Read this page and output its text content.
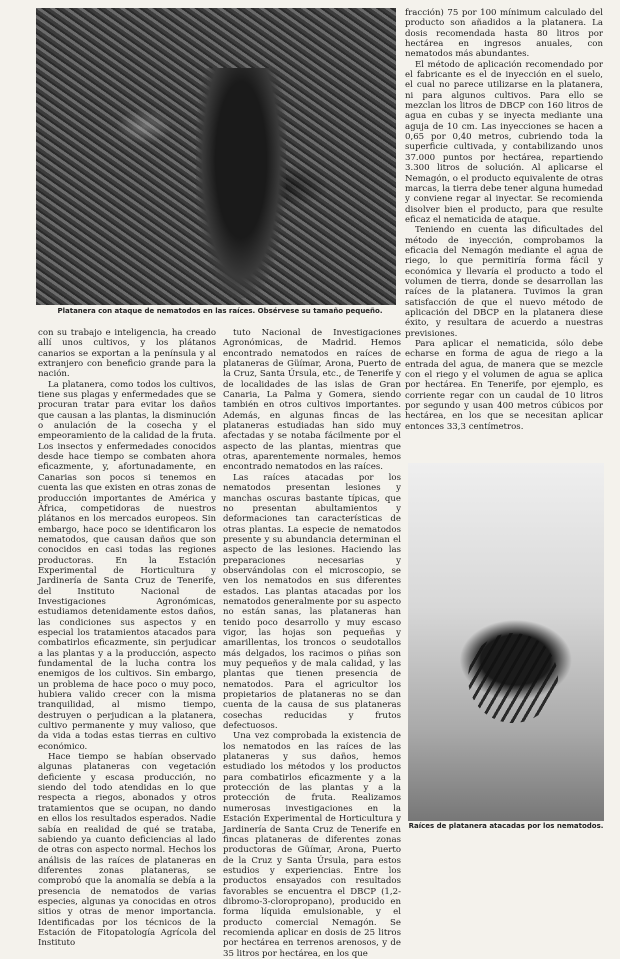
Platanera con ataque de nematodos en las raíces. Obsérvese su tamaño pequeño.

fracción) 75 por 100 mínimum calculado del producto son añadidos a la platanera. La dosis recomendada hasta 80 litros por hectárea en ingresos anuales, con nematodos más abundantes.

El método de aplicación recomendado por el fabricante es el de inyección en el suelo, el cual no parece utilizarse en la platanera, ni para algunos cultivos. Para ello se mezclan los litros de DBCP con 160 litros de agua en cubas y se inyecta mediante una aguja de 10 cm. Las inyecciones se hacen a 0,65 por 0,40 metros, cubriendo toda la superficie cultivada, y contabilizando unos 37.000 puntos por hectárea, repartiendo 3.300 litros de solución. Al aplicarse el Nemagón, o el producto equivalente de otras marcas, la tierra debe tener alguna humedad y conviene regar al inyectar. Se recomienda disolver bien el producto, para que resulte eficaz el nematicida de ataque.

Teniendo en cuenta las dificultades del método de inyección, comprobamos la eficacia del Nemagón mediante el agua de riego, lo que permitiría forma fácil y económica y llevaría el producto a todo el volumen de tierra, donde se desarrollan las raíces de la platanera. Tuvimos la gran satisfacción de que el nuevo método de aplicación del DBCP en la platanera diese éxito, y resultara de acuerdo a nuestras previsiones.

Para aplicar el nematicida, sólo debe echarse en forma de agua de riego a la entrada del agua, de manera que se mezcle con el riego y el volumen de agua se aplica por hectárea. En Tenerife, por ejemplo, es corriente regar con un caudal de 10 litros por segundo y usan 400 metros cúbicos por hectárea, en los que se necesitan aplicar entonces 33,3 centímetros.

Raíces de platanera atacadas por los nematodos.

con su trabajo e inteligencia, ha creado allí unos cultivos, y los plátanos canarios se exportan a la península y al extranjero con beneficio grande para la nación.

La platanera, como todos los cultivos, tiene sus plagas y enfermedades que se procuran tratar para evitar los daños que causan a las plantas, la disminución o anulación de la cosecha y el empeoramiento de la calidad de la fruta. Los insectos y enfermedades conocidos desde hace tiempo se combaten ahora eficazmente, y, afortunadamente, en Canarias son pocos si tenemos en cuenta las que existen en otras zonas de producción importantes de América y África, competidoras de nuestros plátanos en los mercados europeos. Sin embargo, hace poco se identificaron los nematodos, que causan daños que son conocidos en casi todas las regiones productoras. En la Estación Experimental de Horticultura y Jardinería de Santa Cruz de Tenerife, del Instituto Nacional de Investigaciones Agronómicas, estudiamos detenidamente estos daños, las condiciones sus aspectos y en especial los tratamientos atacados para combatirlos eficazmente, sin perjudicar a las plantas y a la producción, aspecto fundamental de la lucha contra los enemigos de los cultivos. Sin embargo, un problema de hace poco o muy poco, hubiera valido crecer con la misma tranquilidad, al mismo tiempo, destruyen o perjudican a la platanera, cultivo permanente y muy valioso, que da vida a todas estas tierras en cultivo económico.

Hace tiempo se habían observado algunas plataneras con vegetación deficiente y escasa producción, no siendo del todo atendidas en lo que respecta a riegos, abonados y otros tratamientos que se ocupan, no dando en ellos los resultados esperados. Nadie sabía en realidad de qué se trataba, sabiendo ya cuanto deficiencias al lado de otras con aspecto normal. Hechos los análisis de las raíces de plataneras en diferentes zonas plataneras, se comprobó que la anomalía se debía a la presencia de nematodos de varias especies, algunas ya conocidas en otros sitios y otras de menor importancia. Identificadas por los técnicos de la Estación de Fitopatología Agrícola del Instituto

tuto Nacional de Investigaciones Agronómicas, de Madrid. Hemos encontrado nematodos en raíces de plataneras de Güímar, Arona, Puerto de la Cruz, Santa Úrsula, etc., de Tenerife y de localidades de las islas de Gran Canaria, La Palma y Gomera, siendo también en otros cultivos importantes. Además, en algunas fincas de las plataneras estudiadas han sido muy afectadas y se notaba fácilmente por el aspecto de las plantas, mientras que otras, aparentemente normales, hemos encontrado nematodos en las raíces.

Las raíces atacadas por los nematodos presentan lesiones y manchas oscuras bastante típicas, que no presentan abultamientos y deformaciones tan características de otras plantas. La especie de nematodos presente y su abundancia determinan el aspecto de las lesiones. Haciendo las preparaciones necesarias y observándolas con el microscopio, se ven los nematodos en sus diferentes estados. Las plantas atacadas por los nematodos generalmente por su aspecto no están sanas, las plataneras han tenido poco desarrollo y muy escaso vigor, las hojas son pequeñas y amarillentas, los troncos o seudotallos más delgados, los racimos o piñas son muy pequeños y de mala calidad, y las plantas que tienen presencia de nematodos. Para el agricultor los propietarios de plataneras no se dan cuenta de la causa de sus plataneras cosechas reducidas y frutos defectuosos.

Una vez comprobada la existencia de los nematodos en las raíces de las plataneras y sus daños, hemos estudiado los métodos y los productos para combatirlos eficazmente y a la protección de las plantas y a la protección de fruta. Realizamos numerosas investigaciones en la Estación Experimental de Horticultura y Jardinería de Santa Cruz de Tenerife en fincas plataneras de diferentes zonas productoras de Güímar, Arona, Puerto de la Cruz y Santa Úrsula, para estos estudios y experiencias. Entre los productos ensayados con resultados favorables se encuentra el DBCP (1,2-dibromo-3-cloropropano), producido en forma líquida emulsionable, y el producto comercial Nemagón. Se recomienda aplicar en dosis de 25 litros por hectárea en terrenos arenosos, y de 35 litros por hectárea, en los que
